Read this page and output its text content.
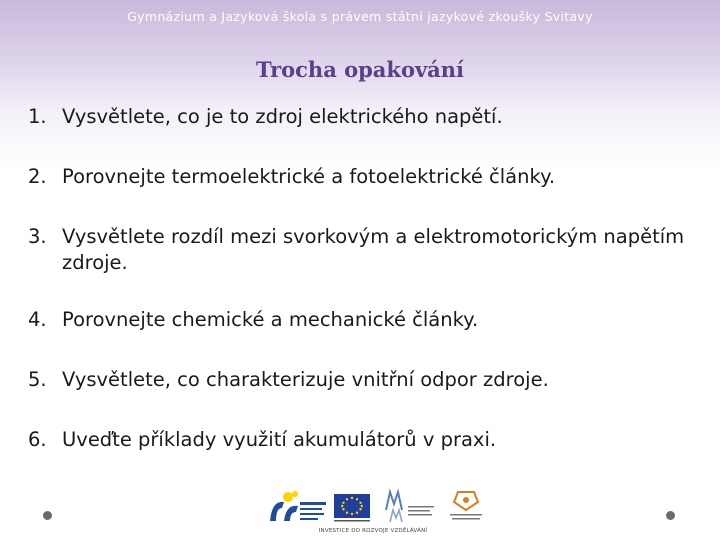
Gymnázium a Jazyková škola s právem státní jazykové zkoušky Svitavy
Trocha opakování
1. Vysvětlete, co je to zdroj elektrického napětí.
2. Porovnejte termoelektrické a fotoelektrické články.
3. Vysvětlete rozdíl mezi svorkovým a elektromotorickým napětím zdroje.
4. Porovnejte chemické a mechanické články.
5. Vysvětlete, co charakterizuje vnitřní odpor zdroje.
6. Uveďte příklady využití akumulátorů v praxi.
INVESTICE DO ROZVOJE VZDĚLÁVÁNÍ
